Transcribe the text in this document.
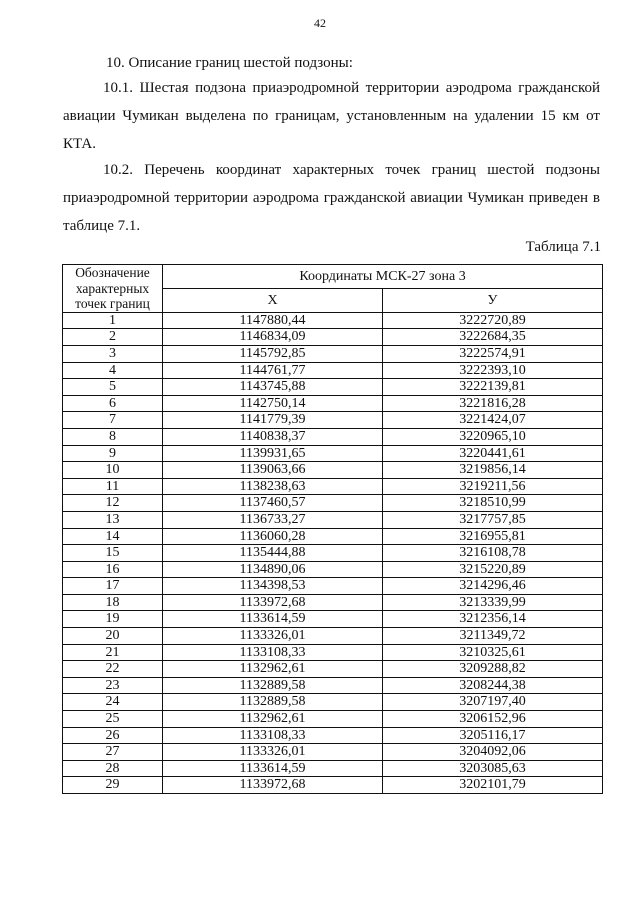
42
10. Описание границ шестой подзоны:
10.1. Шестая подзона приаэродромной территории аэродрома гражданской авиации Чумикан выделена по границам, установленным на удалении 15 км от КТА.
10.2. Перечень координат характерных точек границ шестой подзоны приаэродромной территории аэродрома гражданской авиации Чумикан приведен в таблице 7.1.
Таблица 7.1
Обозначение характерных точек границ	Координаты МСК-27 зона 3	
	X	У
1	1147880,44	3222720,89
2	1146834,09	3222684,35
3	1145792,85	3222574,91
4	1144761,77	3222393,10
5	1143745,88	3222139,81
6	1142750,14	3221816,28
7	1141779,39	3221424,07
8	1140838,37	3220965,10
9	1139931,65	3220441,61
10	1139063,66	3219856,14
11	1138238,63	3219211,56
12	1137460,57	3218510,99
13	1136733,27	3217757,85
14	1136060,28	3216955,81
15	1135444,88	3216108,78
16	1134890,06	3215220,89
17	1134398,53	3214296,46
18	1133972,68	3213339,99
19	1133614,59	3212356,14
20	1133326,01	3211349,72
21	1133108,33	3210325,61
22	1132962,61	3209288,82
23	1132889,58	3208244,38
24	1132889,58	3207197,40
25	1132962,61	3206152,96
26	1133108,33	3205116,17
27	1133326,01	3204092,06
28	1133614,59	3203085,63
29	1133972,68	3202101,79
